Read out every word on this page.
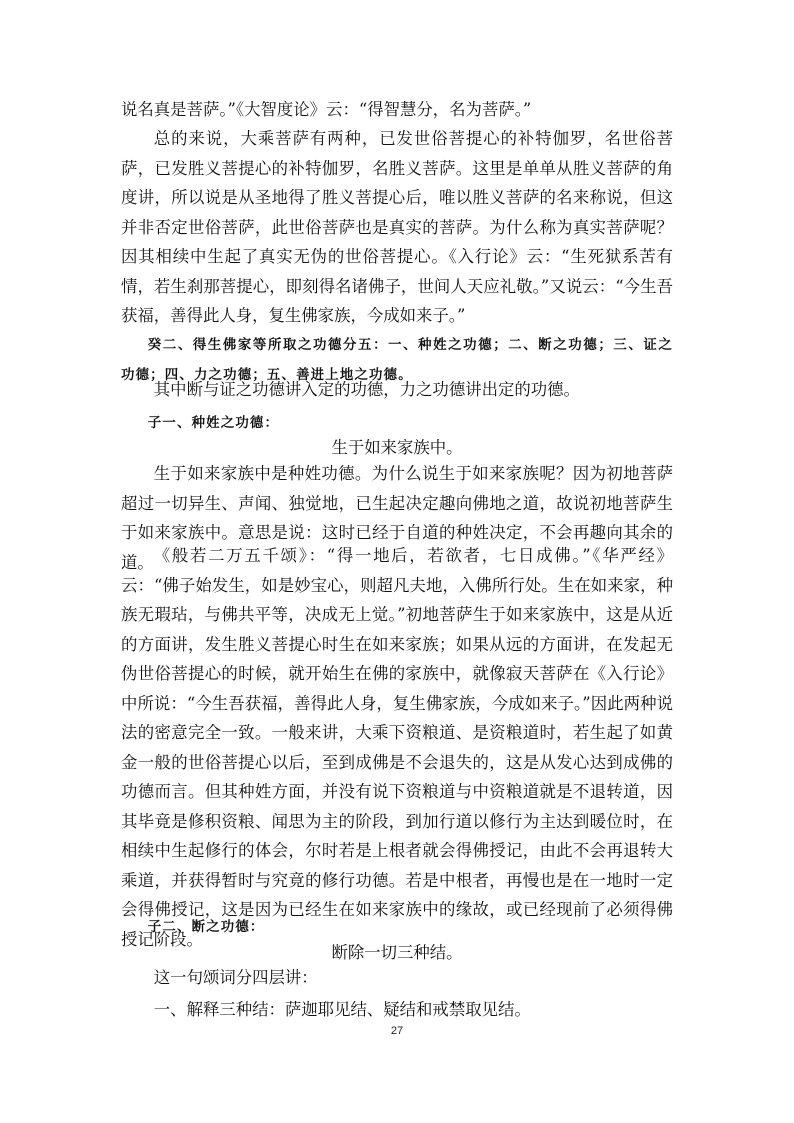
说名真是菩萨。”《大智度论》云：“得智慧分，名为菩萨。”

总的来说，大乘菩萨有两种，已发世俗菩提心的补特伽罗，名世俗菩萨，已发胜义菩提心的补特伽罗，名胜义菩萨。这里是单单从胜义菩萨的角度讲，所以说是从圣地得了胜义菩提心后，唯以胜义菩萨的名来称说，但这并非否定世俗菩萨，此世俗菩萨也是真实的菩萨。为什么称为真实菩萨呢？因其相续中生起了真实无伪的世俗菩提心。《入行论》云：“生死狱系苦有情，若生刹那菩提心，即刻得名诸佛子，世间人天应礼敬。”又说云：“今生吾获福，善得此人身，复生佛家族，今成如来子。”

癸二、得生佛家等所取之功德分五：一、种姓之功德；二、断之功德；三、证之功德；四、力之功德；五、善进上地之功德。

其中断与证之功德讲入定的功德，力之功德讲出定的功德。

子一、种姓之功德：

生于如来家族中。

生于如来家族中是种姓功德。为什么说生于如来家族呢？因为初地菩萨超过一切异生、声闻、独觉地，已生起决定趣向佛地之道，故说初地菩萨生于如来家族中。意思是说：这时已经于自道的种姓决定，不会再趣向其余的道。 《般若二万五千颂》：“得一地后，若欲者，七日成佛。”《华严经》云：“佛子始发生，如是妙宝心，则超凡夫地，入佛所行处。生在如来家，种族无瑕玷，与佛共平等，决成无上觉。”初地菩萨生于如来家族中，这是从近的方面讲，发生胜义菩提心时生在如来家族；如果从远的方面讲，在发起无伪世俗菩提心的时候，就开始生在佛的家族中，就像寂天菩萨在《入行论》中所说：“今生吾获福，善得此人身，复生佛家族，今成如来子。”因此两种说法的密意完全一致。一般来讲，大乘下资粮道、是资粮道时，若生起了如黄金一般的世俗菩提心以后，至到成佛是不会退失的，这是从发心达到成佛的功德而言。但其种姓方面，并没有说下资粮道与中资粮道就是不退转道，因其毕竟是修积资粮、闻思为主的阶段，到加行道以修行为主达到暖位时，在相续中生起修行的体会，尔时若是上根者就会得佛授记，由此不会再退转大乘道，并获得暂时与究竟的修行功德。若是中根者，再慢也是在一地时一定会得佛授记，这是因为已经生在如来家族中的缘故，或已经现前了必须得佛授记阶段。

子二、断之功德：

断除一切三种结。

这一句颂词分四层讲：

一、解释三种结：萨迦耶见结、疑结和戒禁取见结。

27
